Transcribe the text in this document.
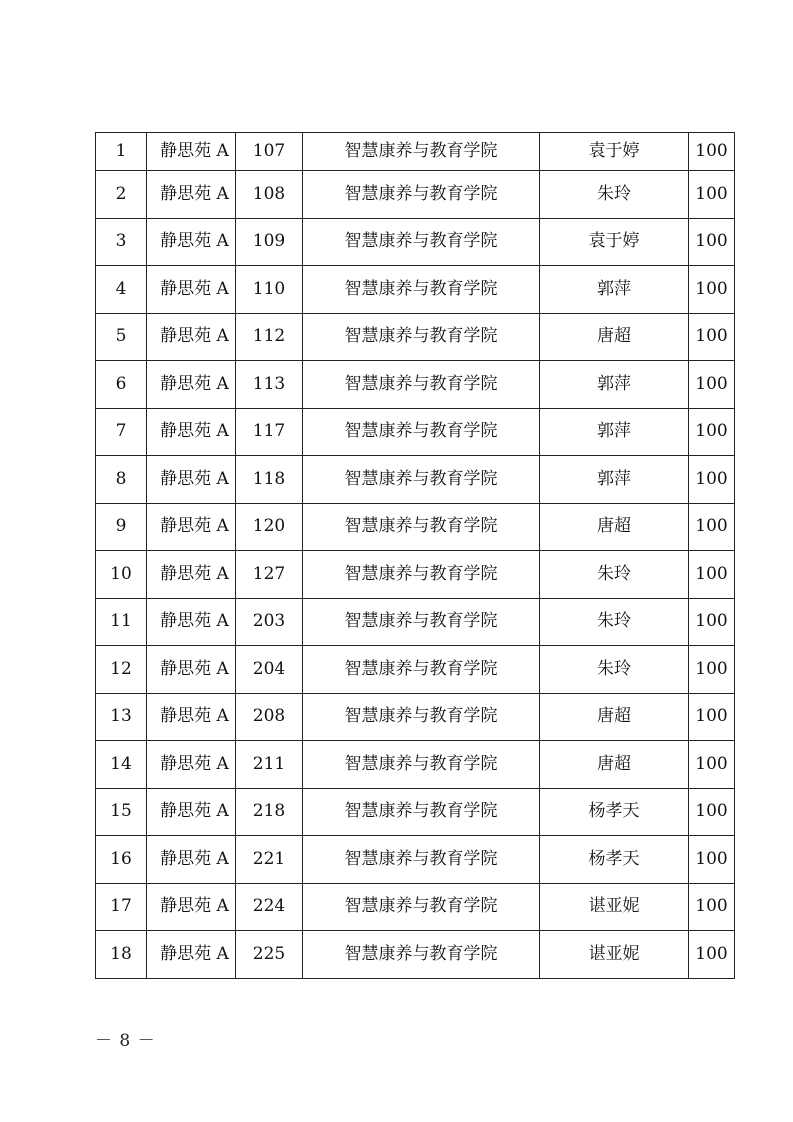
1	静思苑 A	107	智慧康养与教育学院	袁于婷	100
2	静思苑 A	108	智慧康养与教育学院	朱玲	100
3	静思苑 A	109	智慧康养与教育学院	袁于婷	100
4	静思苑 A	110	智慧康养与教育学院	郭萍	100
5	静思苑 A	112	智慧康养与教育学院	唐超	100
6	静思苑 A	113	智慧康养与教育学院	郭萍	100
7	静思苑 A	117	智慧康养与教育学院	郭萍	100
8	静思苑 A	118	智慧康养与教育学院	郭萍	100
9	静思苑 A	120	智慧康养与教育学院	唐超	100
10	静思苑 A	127	智慧康养与教育学院	朱玲	100
11	静思苑 A	203	智慧康养与教育学院	朱玲	100
12	静思苑 A	204	智慧康养与教育学院	朱玲	100
13	静思苑 A	208	智慧康养与教育学院	唐超	100
14	静思苑 A	211	智慧康养与教育学院	唐超	100
15	静思苑 A	218	智慧康养与教育学院	杨孝天	100
16	静思苑 A	221	智慧康养与教育学院	杨孝天	100
17	静思苑 A	224	智慧康养与教育学院	谌亚妮	100
18	静思苑 A	225	智慧康养与教育学院	谌亚妮	100
－ 8 －
